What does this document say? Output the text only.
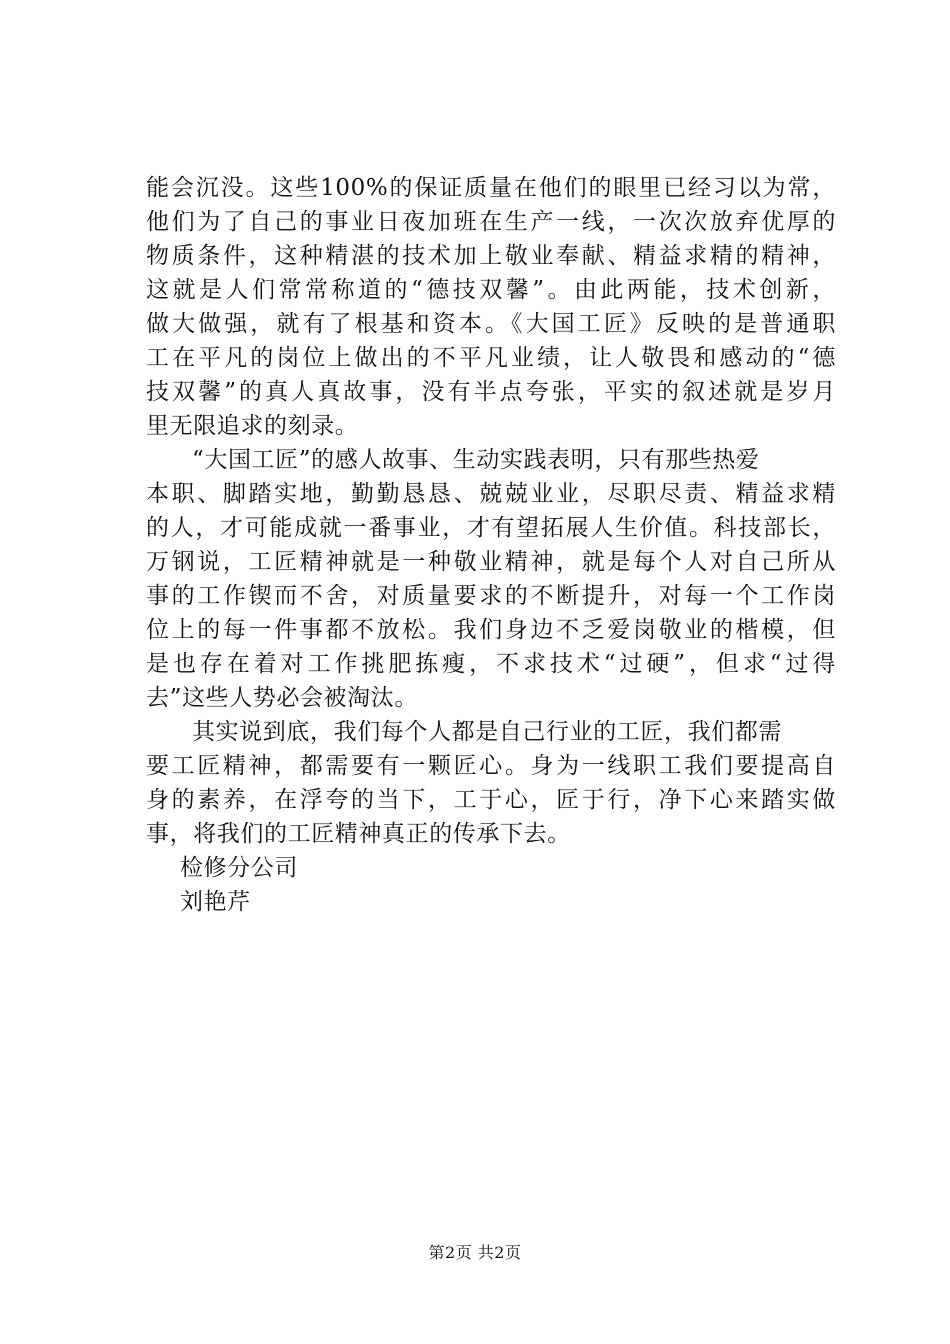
能会沉没。这些100%的保证质量在他们的眼里已经习以为常，
他们为了自己的事业日夜加班在生产一线，一次次放弃优厚的
物质条件，这种精湛的技术加上敬业奉献、精益求精的精神，
这就是人们常常称道的“德技双馨”。由此两能，技术创新，
做大做强，就有了根基和资本。《大国工匠》反映的是普通职
工在平凡的岗位上做出的不平凡业绩，让人敬畏和感动的“德
技双馨”的真人真故事，没有半点夸张，平实的叙述就是岁月
里无限追求的刻录。
“大国工匠”的感人故事、生动实践表明，只有那些热爱
本职、脚踏实地，勤勤恳恳、兢兢业业，尽职尽责、精益求精
的人，才可能成就一番事业，才有望拓展人生价值。科技部长，
万钢说，工匠精神就是一种敬业精神，就是每个人对自己所从
事的工作锲而不舍，对质量要求的不断提升，对每一个工作岗
位上的每一件事都不放松。我们身边不乏爱岗敬业的楷模，但
是也存在着对工作挑肥拣瘦，不求技术“过硬”，但求“过得
去”这些人势必会被淘汰。
其实说到底，我们每个人都是自己行业的工匠，我们都需
要工匠精神，都需要有一颗匠心。身为一线职工我们要提高自
身的素养，在浮夸的当下，工于心，匠于行，净下心来踏实做
事，将我们的工匠精神真正的传承下去。
检修分公司
刘艳芹
第2页 共2页
